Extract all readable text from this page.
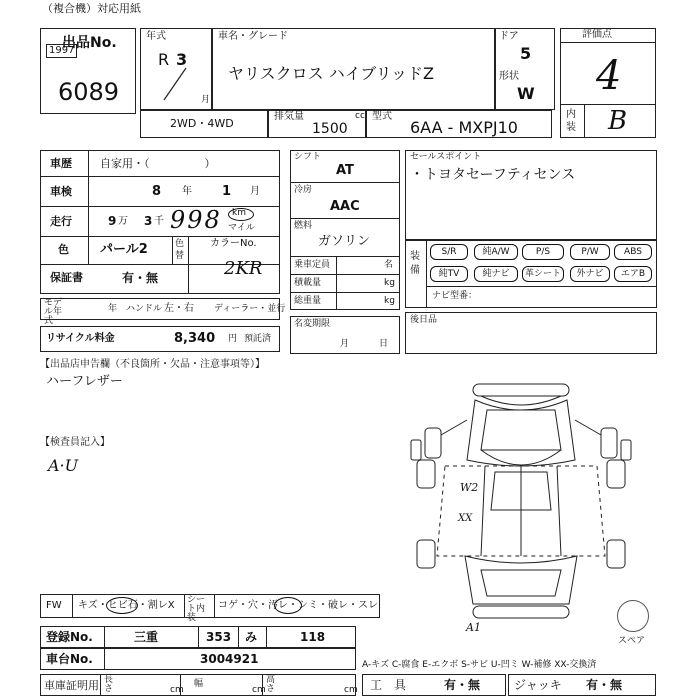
（複合機）対応用紙
出品No.
1997
6089
年式
R 3
月
車名・グレード
ヤリスクロス ハイブリッドZ
ドア
5
形状
W
評価点
4
内装 B
2WD・4WD
排気量
1500
cc 型式
6AA - MXPJ10
車歴	自家用・（　　　　　）
車検	8 年 1 月
走行	9 万 3 千 998 km
マイル
色 パール2	色替
カラーNo.
2KR
保証書	有・無
モデル年式
年 ハンドル 左・右 ディーラー・並行
リサイクル料金	8,340 円 預託済
シフト
AT
冷房
AAC
燃料
ガソリン
乗車定員	名
積載量	kg
総重量	kg
名変期限
月日
セールスポイント
・トヨタセーフティセンス
装備
S/R	純A/W	P/S	P/W	ABS
純TV	純ナビ	革シート	外ナビ	エアB
ナビ型番：
後日品
【出品店申告欄（不良箇所・欠品・注意事項等）】
ハーフレザー
【検査員記入】
A·U
W2
XX
A1
スペア
FW キズ・ヒビ石・割レX シート内装
コゲ・穴・汚レ・シミ・破レ・スレ
登録No.	三重	353 み	118
車台No.	3004921	A-キズ C-腐食 E-エクボ S-サビ U-凹ミ W-補修 XX-交換済
車庫証明用 長さ	cm
幅
cm
高さ	cm 工　具	有・無	ジャッキ 有・無
